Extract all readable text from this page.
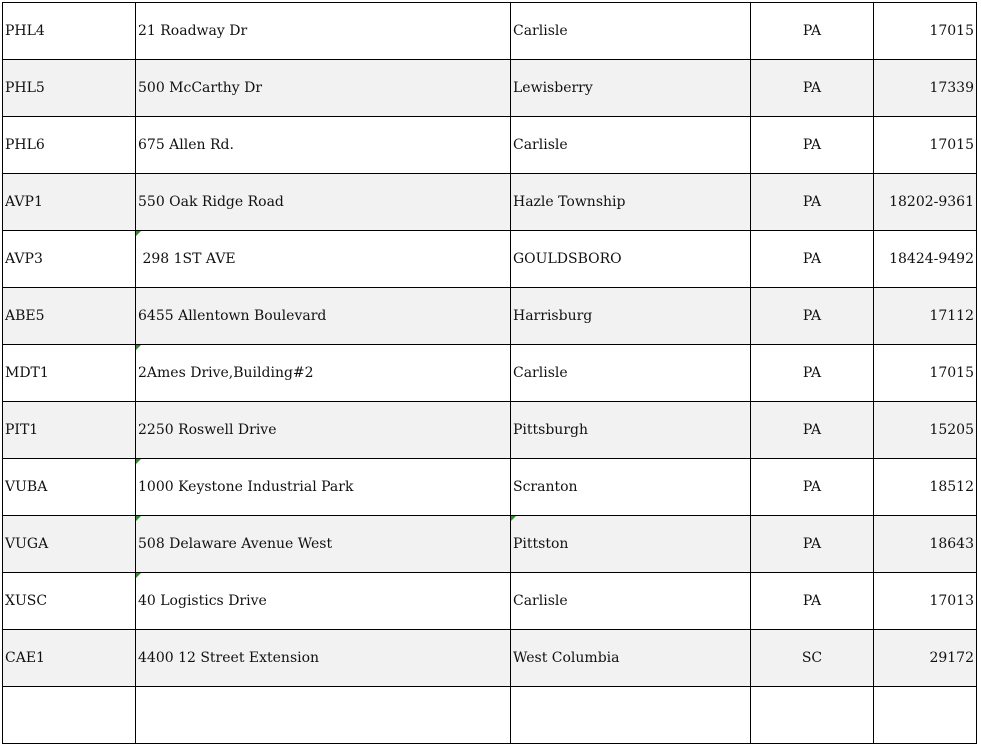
PHL4	21 Roadway Dr	Carlisle	PA	17015
PHL5	500 McCarthy Dr	Lewisberry	PA	17339
PHL6	675 Allen Rd.	Carlisle	PA	17015
AVP1	550 Oak Ridge Road	Hazle Township	PA	18202-9361
AVP3	298 1ST AVE	GOULDSBORO	PA	18424-9492
ABE5	6455 Allentown Boulevard	Harrisburg	PA	17112
MDT1	2Ames Drive,Building#2	Carlisle	PA	17015
PIT1	2250 Roswell Drive	Pittsburgh	PA	15205
VUBA	1000 Keystone Industrial Park	Scranton	PA	18512
VUGA	508 Delaware Avenue West	Pittston	PA	18643
XUSC	40 Logistics Drive	Carlisle	PA	17013
CAE1	4400 12 Street Extension	West Columbia	SC	29172
